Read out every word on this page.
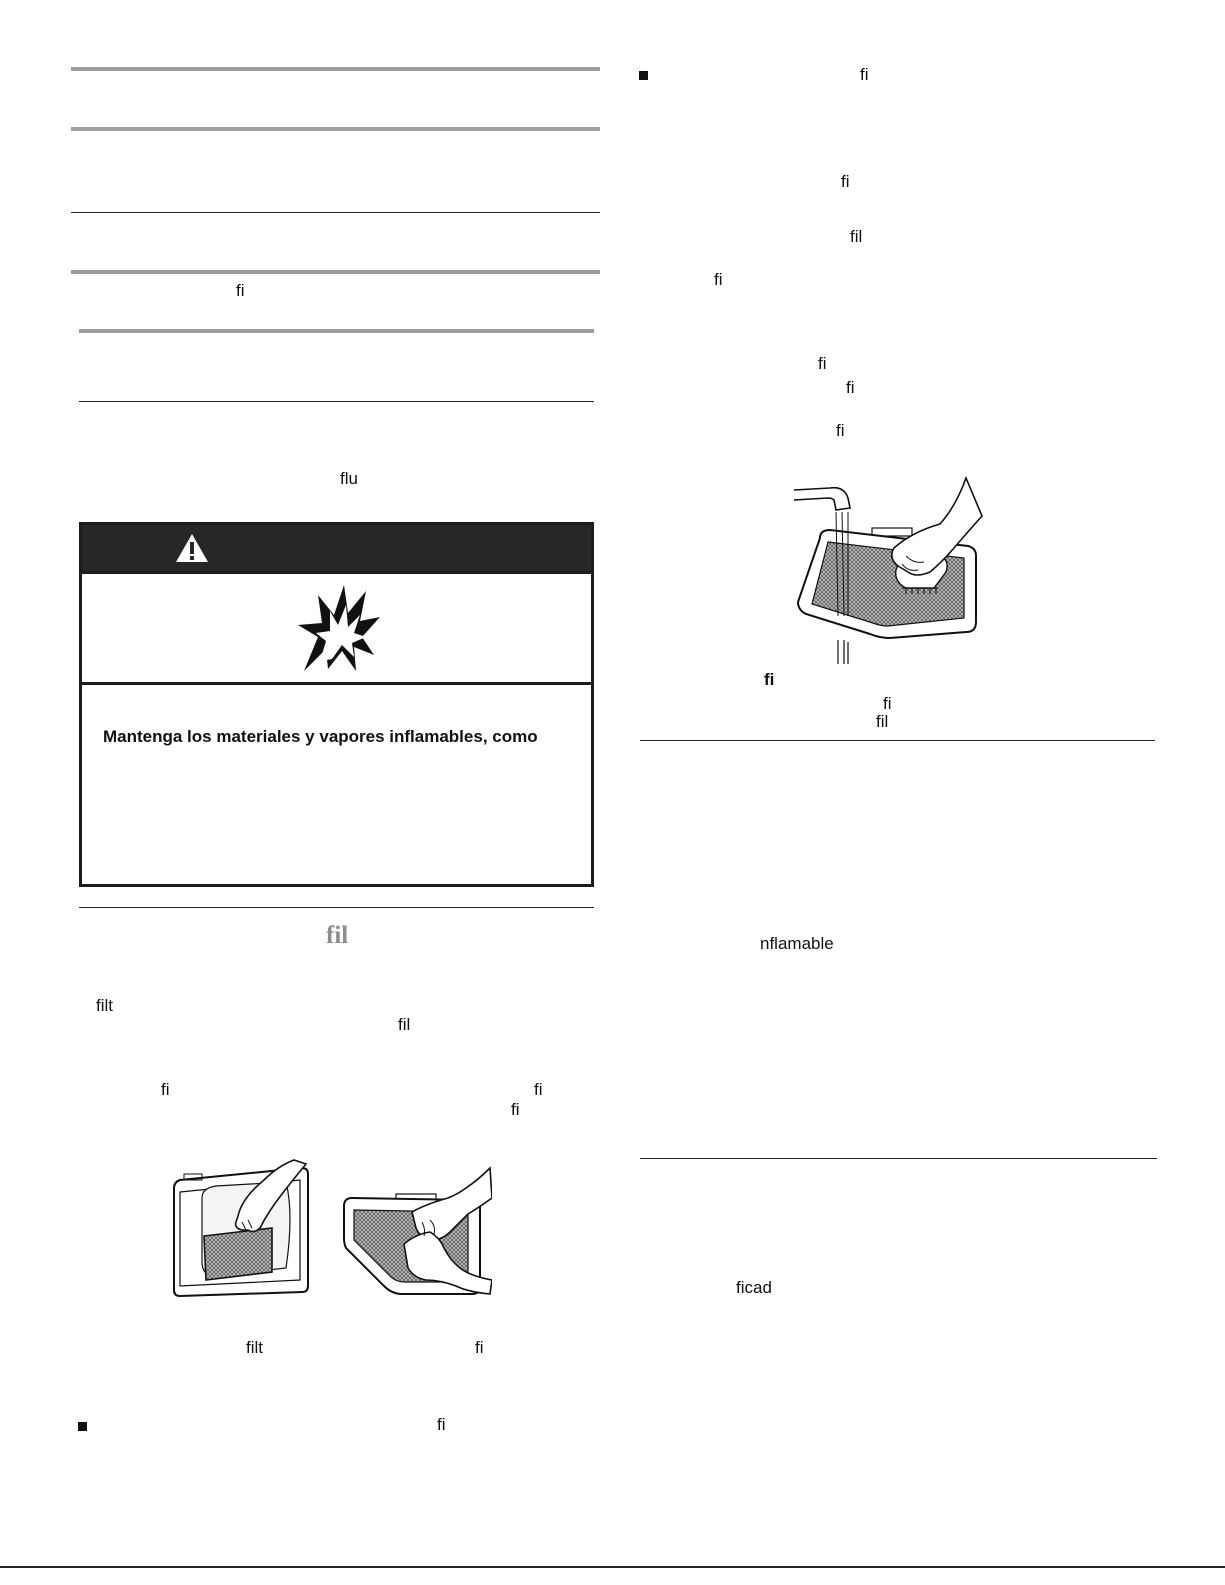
fi
flu
Mantenga los materiales y vapores inflamables, como
fil
filt
fil
fi	fi
fi
filt	fi
fi
fi
fi
fil
fi
fi
fi
fi
fi
fi
fil
nflamable
ficad
